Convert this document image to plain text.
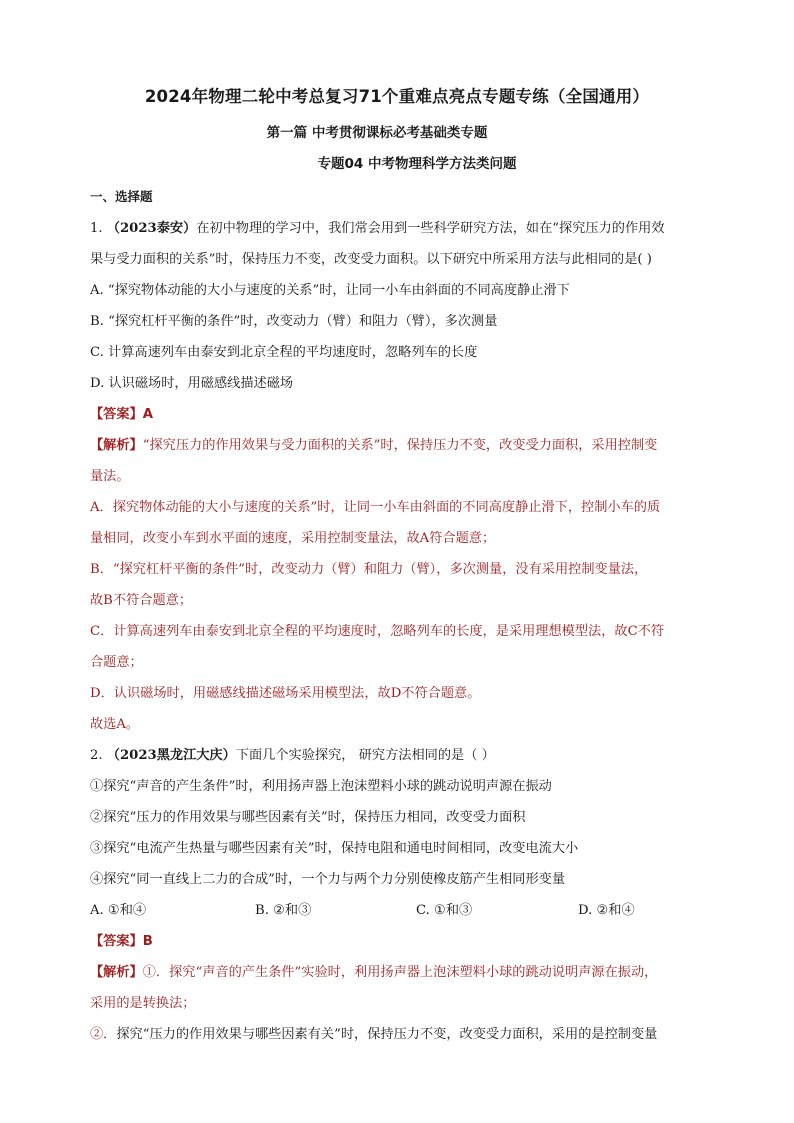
2024年物理二轮中考总复习71个重难点亮点专题专练（全国通用）
第一篇 中考贯彻课标必考基础类专题
专题04 中考物理科学方法类问题
一、选择题
1. （2023泰安）在初中物理的学习中，我们常会用到一些科学研究方法，如在“探究压力的作用效
果与受力面积的关系”时，保持压力不变，改变受力面积。以下研究中所采用方法与此相同的是( )
A. “探究物体动能的大小与速度的关系”时，让同一小车由斜面的不同高度静止滑下
B. “探究杠杆平衡的条件”时，改变动力（臂）和阻力（臂），多次测量
C. 计算高速列车由泰安到北京全程的平均速度时，忽略列车的长度
D. 认识磁场时，用磁感线描述磁场
【答案】A
【解析】“探究压力的作用效果与受力面积的关系”时，保持压力不变，改变受力面积，采用控制变
量法。
A．探究物体动能的大小与速度的关系”时，让同一小车由斜面的不同高度静止滑下，控制小车的质
量相同，改变小车到水平面的速度，采用控制变量法，故A符合题意；
B．“探究杠杆平衡的条件”时，改变动力（臂）和阻力（臂），多次测量，没有采用控制变量法，
故B不符合题意；
C．计算高速列车由泰安到北京全程的平均速度时，忽略列车的长度，是采用理想模型法，故C不符
合题意；
D．认识磁场时，用磁感线描述磁场采用模型法，故D不符合题意。
故选A。
2. （2023黑龙江大庆）下面几个实验探究， 研究方法相同的是（ ）
①探究“声音的产生条件”时，利用扬声器上泡沫塑料小球的跳动说明声源在振动
②探究“压力的作用效果与哪些因素有关”时，保持压力相同，改变受力面积
③探究“电流产生热量与哪些因素有关”时，保持电阻和通电时间相同，改变电流大小
④探究“同一直线上二力的合成”时，一个力与两个力分别使橡皮筋产生相同形变量
A. ①和④	B. ②和③	C. ①和③	D. ②和④
【答案】B
【解析】①．探究“声音的产生条件”实验时，利用扬声器上泡沫塑料小球的跳动说明声源在振动，
采用的是转换法；
②．探究“压力的作用效果与哪些因素有关”时，保持压力不变，改变受力面积，采用的是控制变量
